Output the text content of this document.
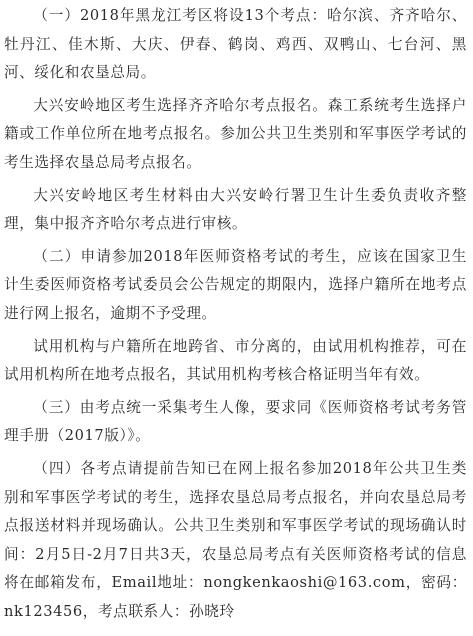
（一）2018年黑龙江考区将设13个考点：哈尔滨、齐齐哈尔、牡丹江、佳木斯、大庆、伊春、鹤岗、鸡西、双鸭山、七台河、黑河、绥化和农垦总局。

大兴安岭地区考生选择齐齐哈尔考点报名。森工系统考生选择户籍或工作单位所在地考点报名。参加公共卫生类别和军事医学考试的考生选择农垦总局考点报名。

大兴安岭地区考生材料由大兴安岭行署卫生计生委负责收齐整理，集中报齐齐哈尔考点进行审核。

（二）申请参加2018年医师资格考试的考生，应该在国家卫生计生委医师资格考试委员会公告规定的期限内，选择户籍所在地考点进行网上报名，逾期不予受理。

试用机构与户籍所在地跨省、市分离的，由试用机构推荐，可在试用机构所在地考点报名，其试用机构考核合格证明当年有效。

（三）由考点统一采集考生人像，要求同《医师资格考试考务管理手册（2017版）》。

（四）各考点请提前告知已在网上报名参加2018年公共卫生类别和军事医学考试的考生，选择农垦总局考点报名，并向农垦总局考点报送材料并现场确认。公共卫生类别和军事医学考试的现场确认时间：2月5日-2月7日共3天，农垦总局考点有关医师资格考试的信息将在邮箱发布，Email地址：nongkenkaoshi@163.com，密码：nk123456，考点联系人：孙晓玲
